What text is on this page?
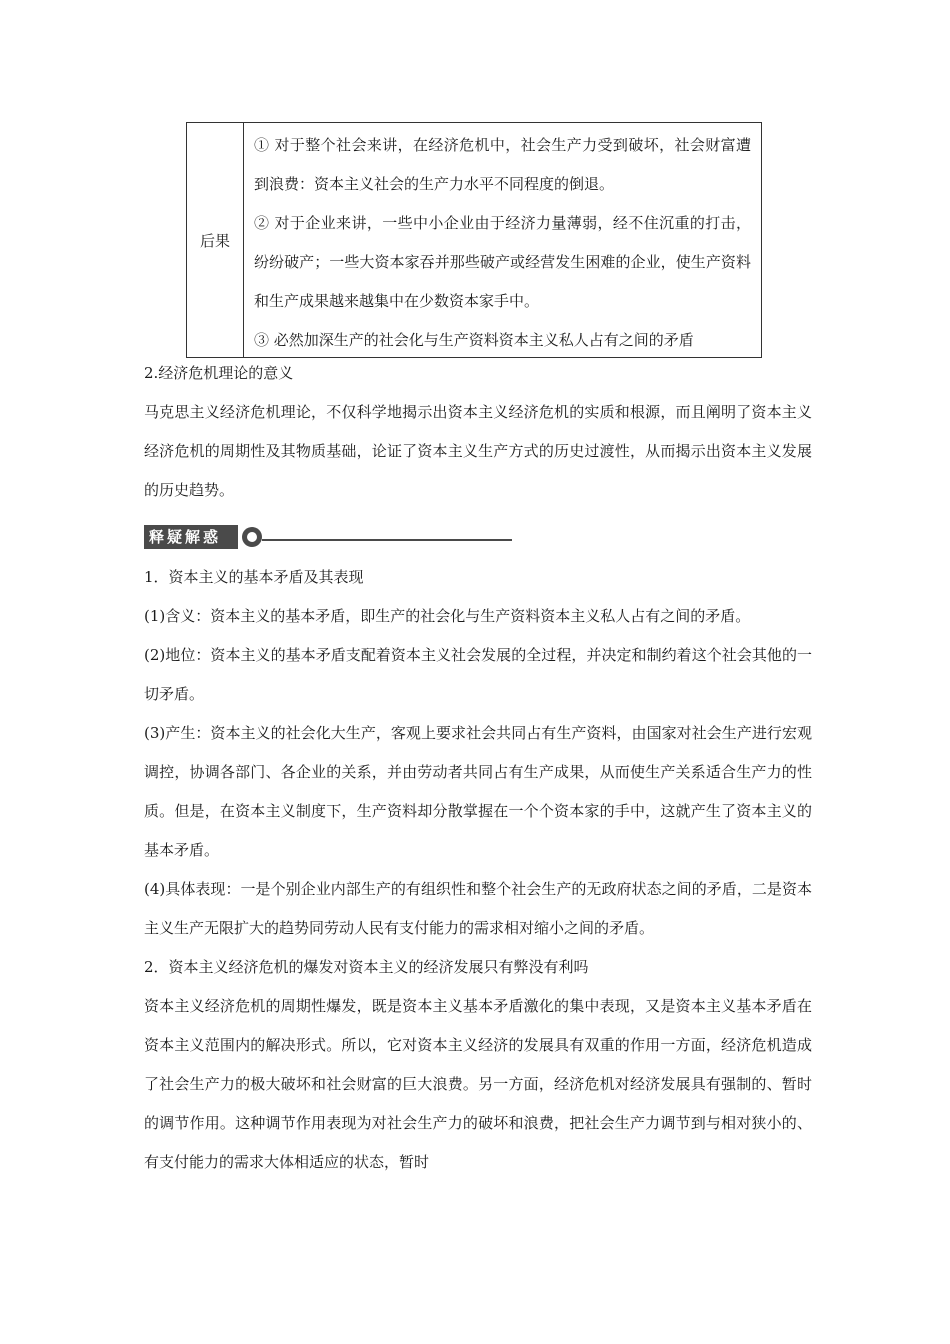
后果

① 对于整个社会来讲，在经济危机中，社会生产力受到破坏，社会财富遭到浪费：资本主义社会的生产力水平不同程度的倒退。

② 对于企业来讲，一些中小企业由于经济力量薄弱，经不住沉重的打击，纷纷破产；一些大资本家吞并那些破产或经营发生困难的企业，使生产资料和生产成果越来越集中在少数资本家手中。

③ 必然加深生产的社会化与生产资料资本主义私人占有之间的矛盾

2.经济危机理论的意义

马克思主义经济危机理论，不仅科学地揭示出资本主义经济危机的实质和根源，而且阐明了资本主义经济危机的周期性及其物质基础，论证了资本主义生产方式的历史过渡性，从而揭示出资本主义发展的历史趋势。

释疑解惑

1．资本主义的基本矛盾及其表现

(1)含义：资本主义的基本矛盾，即生产的社会化与生产资料资本主义私人占有之间的矛盾。

(2)地位：资本主义的基本矛盾支配着资本主义社会发展的全过程，并决定和制约着这个社会其他的一切矛盾。

(3)产生：资本主义的社会化大生产，客观上要求社会共同占有生产资料，由国家对社会生产进行宏观调控，协调各部门、各企业的关系，并由劳动者共同占有生产成果，从而使生产关系适合生产力的性质。但是，在资本主义制度下，生产资料却分散掌握在一个个资本家的手中，这就产生了资本主义的基本矛盾。

(4)具体表现：一是个别企业内部生产的有组织性和整个社会生产的无政府状态之间的矛盾，二是资本主义生产无限扩大的趋势同劳动人民有支付能力的需求相对缩小之间的矛盾。

2．资本主义经济危机的爆发对资本主义的经济发展只有弊没有利吗

资本主义经济危机的周期性爆发，既是资本主义基本矛盾激化的集中表现，又是资本主义基本矛盾在资本主义范围内的解决形式。所以，它对资本主义经济的发展具有双重的作用一方面，经济危机造成了社会生产力的极大破坏和社会财富的巨大浪费。另一方面，经济危机对经济发展具有强制的、暂时的调节作用。这种调节作用表现为对社会生产力的破坏和浪费，把社会生产力调节到与相对狭小的、有支付能力的需求大体相适应的状态，暂时
